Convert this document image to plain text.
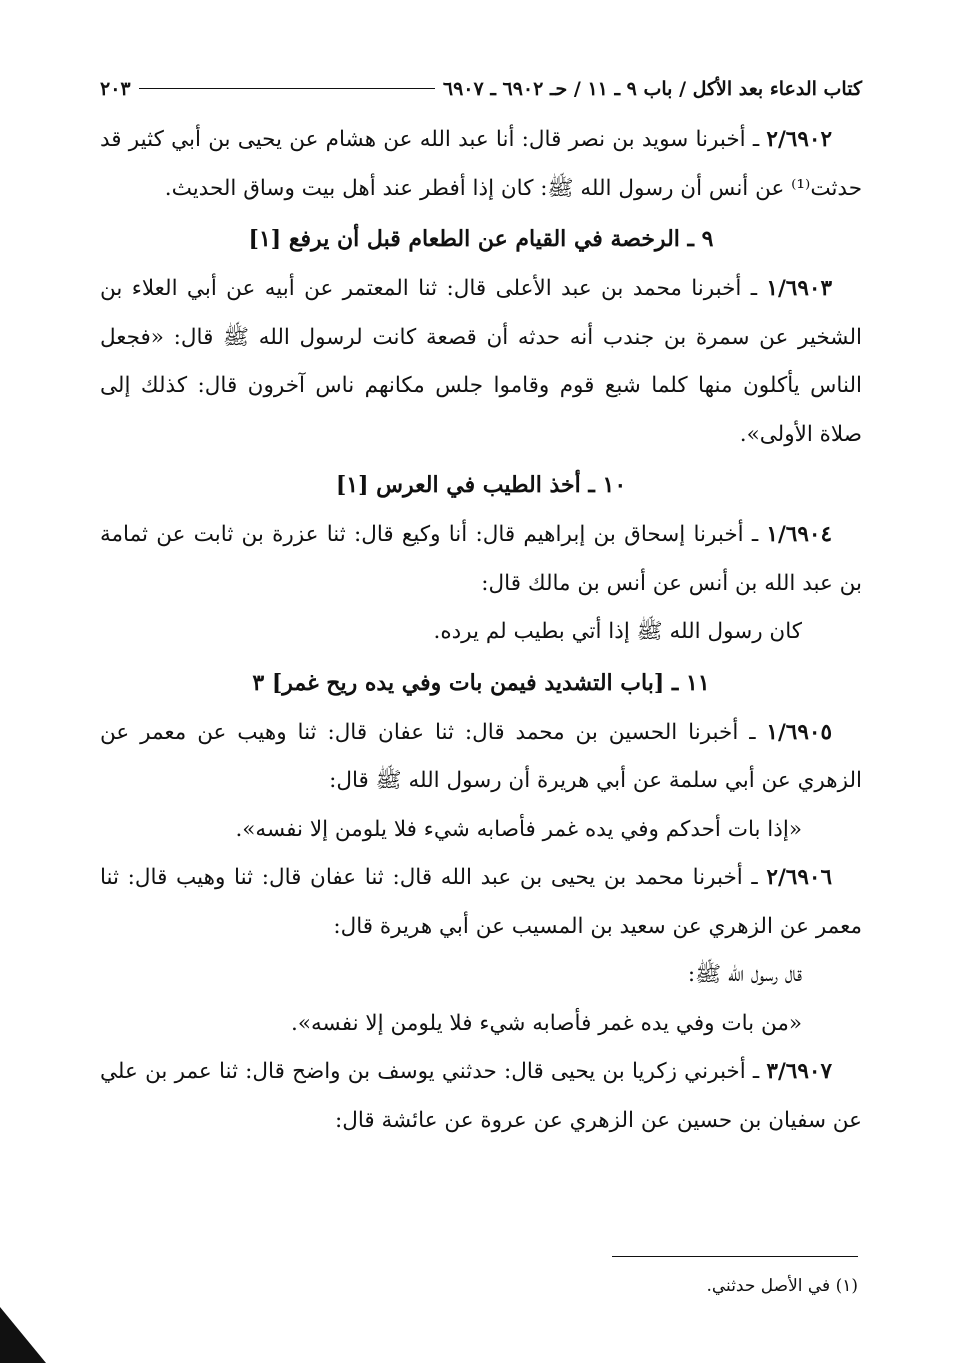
كتاب الدعاء بعد الأكل / باب ٩ ـ ١١ / حـ ٦٩٠٢ ـ ٦٩٠٧
٢٠٣

٢/٦٩٠٢ ـ أخبرنا سويد بن نصر قال: أنا عبد الله عن هشام عن يحيى بن أبي كثير قد حدثت⁽¹⁾ عن أنس أن رسول الله ﷺ: كان إذا أفطر عند أهل بيت وساق الحديث.

٩ ـ الرخصة في القيام عن الطعام قبل أن يرفع [١]

١/٦٩٠٣ ـ أخبرنا محمد بن عبد الأعلى قال: ثنا المعتمر عن أبيه عن أبي العلاء بن الشخير عن سمرة بن جندب أنه حدثه أن قصعة كانت لرسول الله ﷺ قال: «فجعل الناس يأكلون منها كلما شبع قوم وقاموا جلس مكانهم ناس آخرون قال: كذلك إلى صلاة الأولى».

١٠ ـ أخذ الطيب في العرس [١]

١/٦٩٠٤ ـ أخبرنا إسحاق بن إبراهيم قال: أنا وكيع قال: ثنا عزرة بن ثابت عن ثمامة بن عبد الله بن أنس عن أنس بن مالك قال:

كان رسول الله ﷺ إذا أتي بطيب لم يرده.

١١ ـ [باب التشديد فيمن بات وفي يده ريح غمر] ٣

١/٦٩٠٥ ـ أخبرنا الحسين بن محمد قال: ثنا عفان قال: ثنا وهيب عن معمر عن الزهري عن أبي سلمة عن أبي هريرة أن رسول الله ﷺ قال:

«إذا بات أحدكم وفي يده غمر فأصابه شيء فلا يلومن إلا نفسه».

٢/٦٩٠٦ ـ أخبرنا محمد بن يحيى بن عبد الله قال: ثنا عفان قال: ثنا وهيب قال: ثنا معمر عن الزهري عن سعيد بن المسيب عن أبي هريرة قال:

قال رسول الله ﷺ:

«من بات وفي يده غمر فأصابه شيء فلا يلومن إلا نفسه».

٣/٦٩٠٧ ـ أخبرني زكريا بن يحيى قال: حدثني يوسف بن واضح قال: ثنا عمر بن علي عن سفيان بن حسين عن الزهري عن عروة عن عائشة قال:

(١) في الأصل حدثني.
